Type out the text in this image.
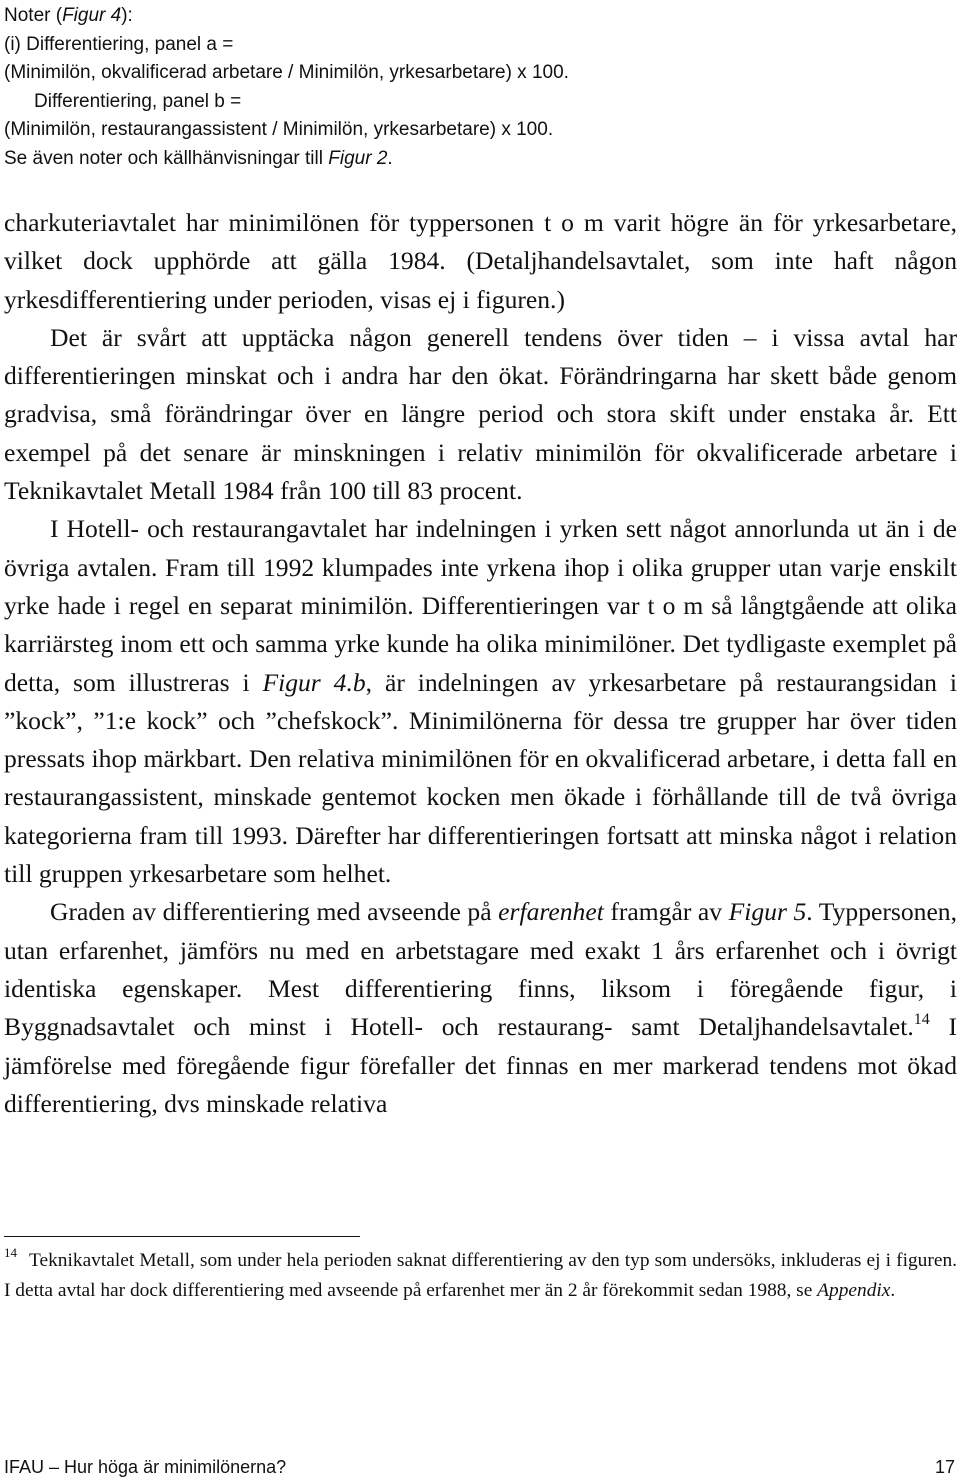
Noter (Figur 4):
(i) Differentiering, panel a =
(Minimilön, okvalificerad arbetare / Minimilön, yrkesarbetare) x 100.
Differentiering, panel b =
(Minimilön, restaurangassistent / Minimilön, yrkesarbetare) x 100.
Se även noter och källhänvisningar till Figur 2.

charkuteriavtalet har minimilönen för typpersonen t o m varit högre än för yrkesarbetare, vilket dock upphörde att gälla 1984. (Detaljhandelsavtalet, som inte haft någon yrkesdifferentiering under perioden, visas ej i figuren.)

Det är svårt att upptäcka någon generell tendens över tiden – i vissa avtal har differentieringen minskat och i andra har den ökat. Förändringarna har skett både genom gradvisa, små förändringar över en längre period och stora skift under enstaka år. Ett exempel på det senare är minskningen i relativ minimilön för okvalificerade arbetare i Teknikavtalet Metall 1984 från 100 till 83 procent.

I Hotell- och restaurangavtalet har indelningen i yrken sett något annorlunda ut än i de övriga avtalen. Fram till 1992 klumpades inte yrkena ihop i olika grupper utan varje enskilt yrke hade i regel en separat minimilön. Differentieringen var t o m så långtgående att olika karriärsteg inom ett och samma yrke kunde ha olika minimilöner. Det tydligaste exemplet på detta, som illustreras i Figur 4.b, är indelningen av yrkesarbetare på restaurangsidan i ”kock”, ”1:e kock” och ”chefskock”. Minimilönerna för dessa tre grupper har över tiden pressats ihop märkbart. Den relativa minimilönen för en okvalificerad arbetare, i detta fall en restaurangassistent, minskade gentemot kocken men ökade i förhållande till de två övriga kategorierna fram till 1993. Därefter har differentieringen fortsatt att minska något i relation till gruppen yrkesarbetare som helhet.

Graden av differentiering med avseende på erfarenhet framgår av Figur 5. Typpersonen, utan erfarenhet, jämförs nu med en arbetstagare med exakt 1 års erfarenhet och i övrigt identiska egenskaper. Mest differentiering finns, liksom i föregående figur, i Byggnadsavtalet och minst i Hotell- och restaurang- samt Detaljhandelsavtalet.$^{14}$ I jämförelse med föregående figur förefaller det finnas en mer markerad tendens mot ökad differentiering, dvs minskade relativa

$^{14}$ Teknikavtalet Metall, som under hela perioden saknat differentiering av den typ som undersöks, inkluderas ej i figuren. I detta avtal har dock differentiering med avseende på erfarenhet mer än 2 år förekommit sedan 1988, se Appendix.
IFAU – Hur höga är minimilönerna?	17
